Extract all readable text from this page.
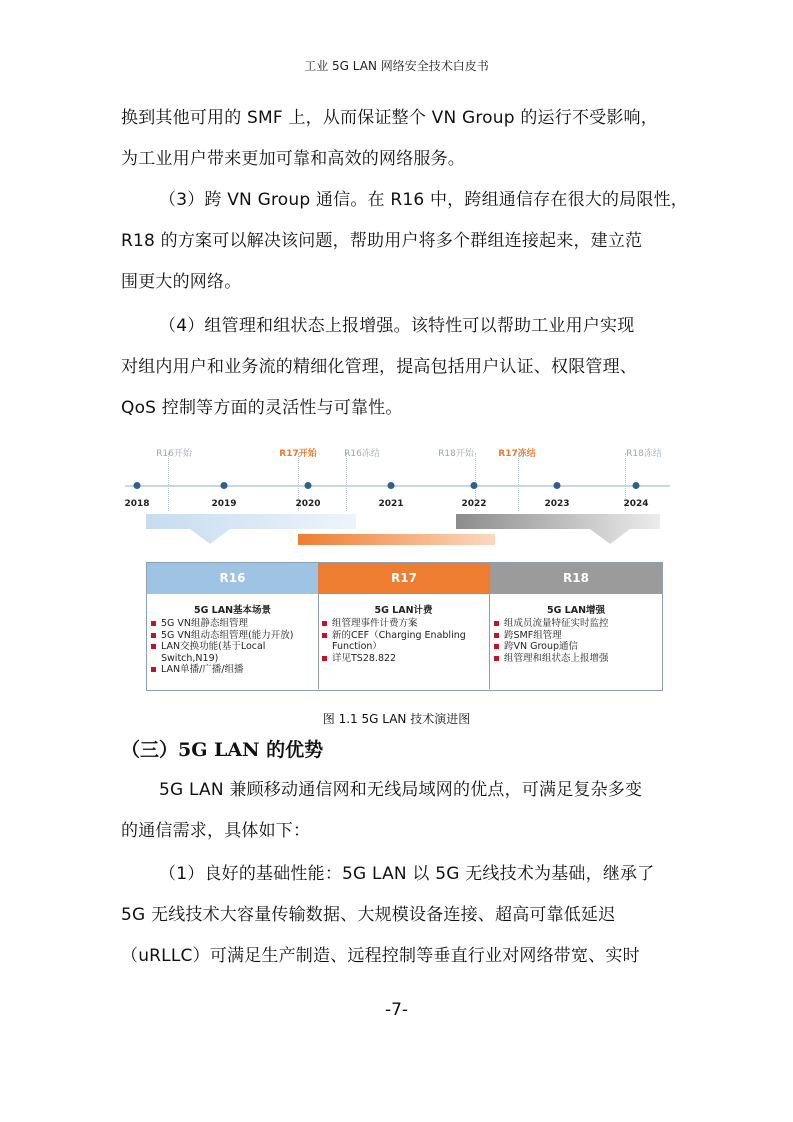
工业 5G LAN 网络安全技术白皮书
换到其他可用的 SMF 上，从而保证整个 VN Group 的运行不受影响，
为工业用户带来更加可靠和高效的网络服务。
（3）跨 VN Group 通信。在 R16 中，跨组通信存在很大的局限性，
R18 的方案可以解决该问题，帮助用户将多个群组连接起来，建立范
围更大的网络。
（4）组管理和组状态上报增强。该特性可以帮助工业用户实现
对组内用户和业务流的精细化管理，提高包括用户认证、权限管理、
QoS 控制等方面的灵活性与可靠性。
R16开始	R17开始	R16冻结	R18开始	R17冻结	R18冻结
2018	2019	2020	2021	2022	2023	2024
R16	R17	R18
5G LAN基本场景
5G VN组静态组管理
5G VN组动态组管理(能力开放)
LAN交换功能(基于Local
Switch,N19)
LAN单播/广播/组播
5G LAN计费
组管理事件计费方案
新的CEF（Charging Enabling
Function）
详见TS28.822
5G LAN增强
组成员流量特征实时监控
跨SMF组管理
跨VN Group通信
组管理和组状态上报增强
图 1.1 5G LAN 技术演进图
（三）5G LAN 的优势
5G LAN 兼顾移动通信网和无线局域网的优点，可满足复杂多变
的通信需求，具体如下：
（1）良好的基础性能：5G LAN 以 5G 无线技术为基础，继承了
5G 无线技术大容量传输数据、大规模设备连接、超高可靠低延迟
（uRLLC）可满足生产制造、远程控制等垂直行业对网络带宽、实时
-7-
